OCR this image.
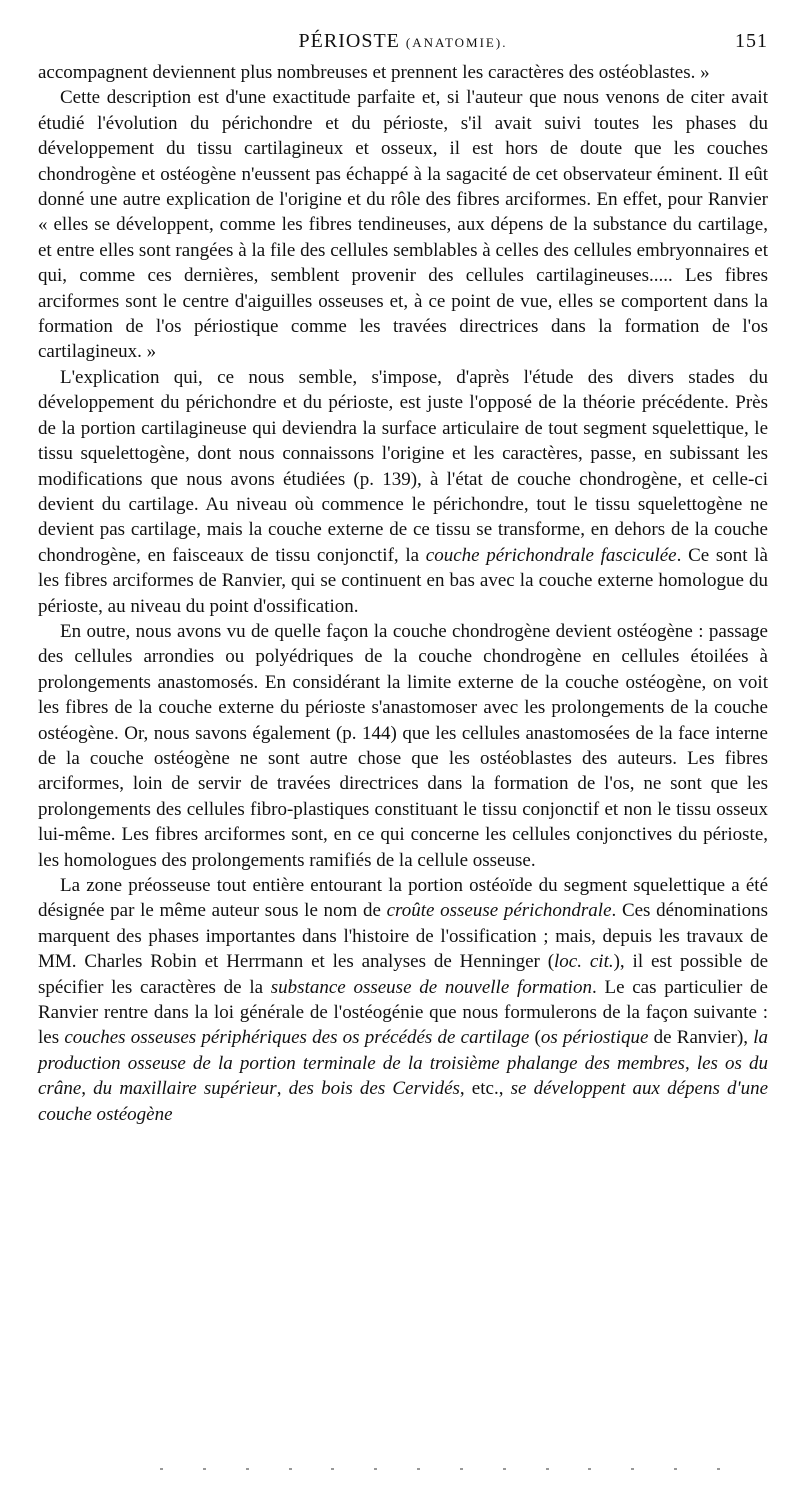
PÉRIOSTE (ANATOMIE).	151

accompagnent deviennent plus nombreuses et prennent les caractères des ostéoblastes. »

Cette description est d'une exactitude parfaite et, si l'auteur que nous venons de citer avait étudié l'évolution du périchondre et du périoste, s'il avait suivi toutes les phases du développement du tissu cartilagineux et osseux, il est hors de doute que les couches chondrogène et ostéogène n'eussent pas échappé à la sagacité de cet observateur éminent. Il eût donné une autre explication de l'origine et du rôle des fibres arciformes. En effet, pour Ranvier « elles se développent, comme les fibres tendineuses, aux dépens de la substance du cartilage, et entre elles sont rangées à la file des cellules semblables à celles des cellules embryonnaires et qui, comme ces dernières, semblent provenir des cellules cartilagineuses..... Les fibres arciformes sont le centre d'aiguilles osseuses et, à ce point de vue, elles se comportent dans la formation de l'os périostique comme les travées directrices dans la formation de l'os cartilagineux. »

L'explication qui, ce nous semble, s'impose, d'après l'étude des divers stades du développement du périchondre et du périoste, est juste l'opposé de la théorie précédente. Près de la portion cartilagineuse qui deviendra la surface articulaire de tout segment squelettique, le tissu squelettogène, dont nous connaissons l'origine et les caractères, passe, en subissant les modifications que nous avons étudiées (p. 139), à l'état de couche chondrogène, et celle-ci devient du cartilage. Au niveau où commence le périchondre, tout le tissu squelettogène ne devient pas cartilage, mais la couche externe de ce tissu se transforme, en dehors de la couche chondrogène, en faisceaux de tissu conjonctif, la couche périchondrale fasciculée. Ce sont là les fibres arciformes de Ranvier, qui se continuent en bas avec la couche externe homologue du périoste, au niveau du point d'ossification.

En outre, nous avons vu de quelle façon la couche chondrogène devient ostéogène : passage des cellules arrondies ou polyédriques de la couche chondrogène en cellules étoilées à prolongements anastomosés. En considérant la limite externe de la couche ostéogène, on voit les fibres de la couche externe du périoste s'anastomoser avec les prolongements de la couche ostéogène. Or, nous savons également (p. 144) que les cellules anastomosées de la face interne de la couche ostéogène ne sont autre chose que les ostéoblastes des auteurs. Les fibres arciformes, loin de servir de travées directrices dans la formation de l'os, ne sont que les prolongements des cellules fibro-plastiques constituant le tissu conjonctif et non le tissu osseux lui-même. Les fibres arciformes sont, en ce qui concerne les cellules conjonctives du périoste, les homologues des prolongements ramifiés de la cellule osseuse.

La zone préosseuse tout entière entourant la portion ostéoïde du segment squelettique a été désignée par le même auteur sous le nom de croûte osseuse périchondrale. Ces dénominations marquent des phases importantes dans l'histoire de l'ossification ; mais, depuis les travaux de MM. Charles Robin et Herrmann et les analyses de Henninger (loc. cit.), il est possible de spécifier les caractères de la substance osseuse de nouvelle formation. Le cas particulier de Ranvier rentre dans la loi générale de l'ostéogénie que nous formulerons de la façon suivante : les couches osseuses périphériques des os précédés de cartilage (os périostique de Ranvier), la production osseuse de la portion terminale de la troisième phalange des membres, les os du crâne, du maxillaire supérieur, des bois des Cervidés, etc., se développent aux dépens d'une couche ostéogène
